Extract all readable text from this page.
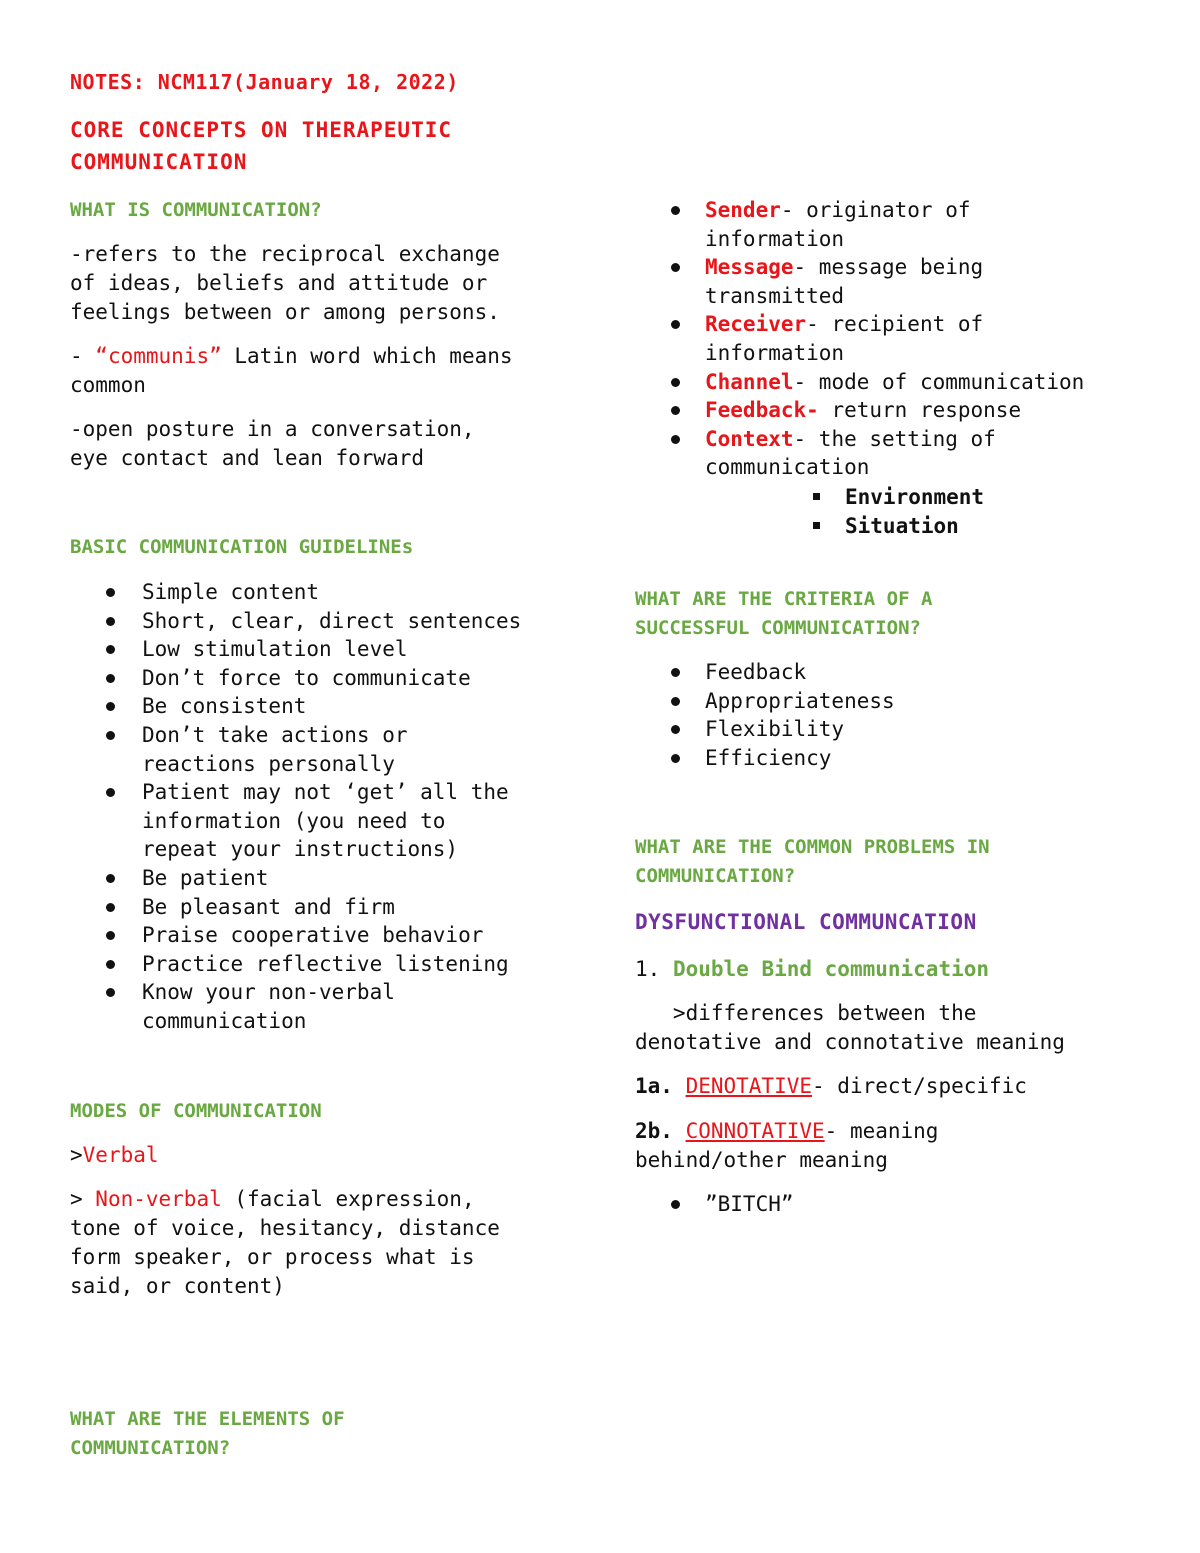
NOTES: NCM117(January 18, 2022)

CORE CONCEPTS ON THERAPEUTIC

COMMUNICATION

WHAT IS COMMUNICATION?

-refers to the reciprocal exchange

of ideas, beliefs and attitude or

feelings between or among persons.

- “communis” Latin word which means

common

-open posture in a conversation,

eye contact and lean forward

BASIC COMMUNICATION GUIDELINEs

Simple content
Short, clear, direct sentences
Low stimulation level
Don’t force to communicate
Be consistent
Don’t take actions or
reactions personally
Patient may not ‘get’ all the
information (you need to
repeat your instructions)
Be patient
Be pleasant and firm
Praise cooperative behavior
Practice reflective listening
Know your non-verbal
communication

MODES OF COMMUNICATION

>Verbal

> Non-verbal (facial expression,

tone of voice, hesitancy, distance

form speaker, or process what is

said, or content)

WHAT ARE THE ELEMENTS OF

COMMUNICATION?

Sender- originator of
information
Message- message being
transmitted
Receiver- recipient of
information
Channel- mode of communication
Feedback- return response
Context- the setting of
communication
Environment
Situation

WHAT ARE THE CRITERIA OF A

SUCCESSFUL COMMUNICATION?

Feedback
Appropriateness
Flexibility
Efficiency

WHAT ARE THE COMMON PROBLEMS IN

COMMUNICATION?

DYSFUNCTIONAL COMMUNCATION

1. Double Bind communication

>differences between the

denotative and connotative meaning

1a. DENOTATIVE- direct/specific

2b. CONNOTATIVE- meaning

behind/other meaning

”BITCH”
